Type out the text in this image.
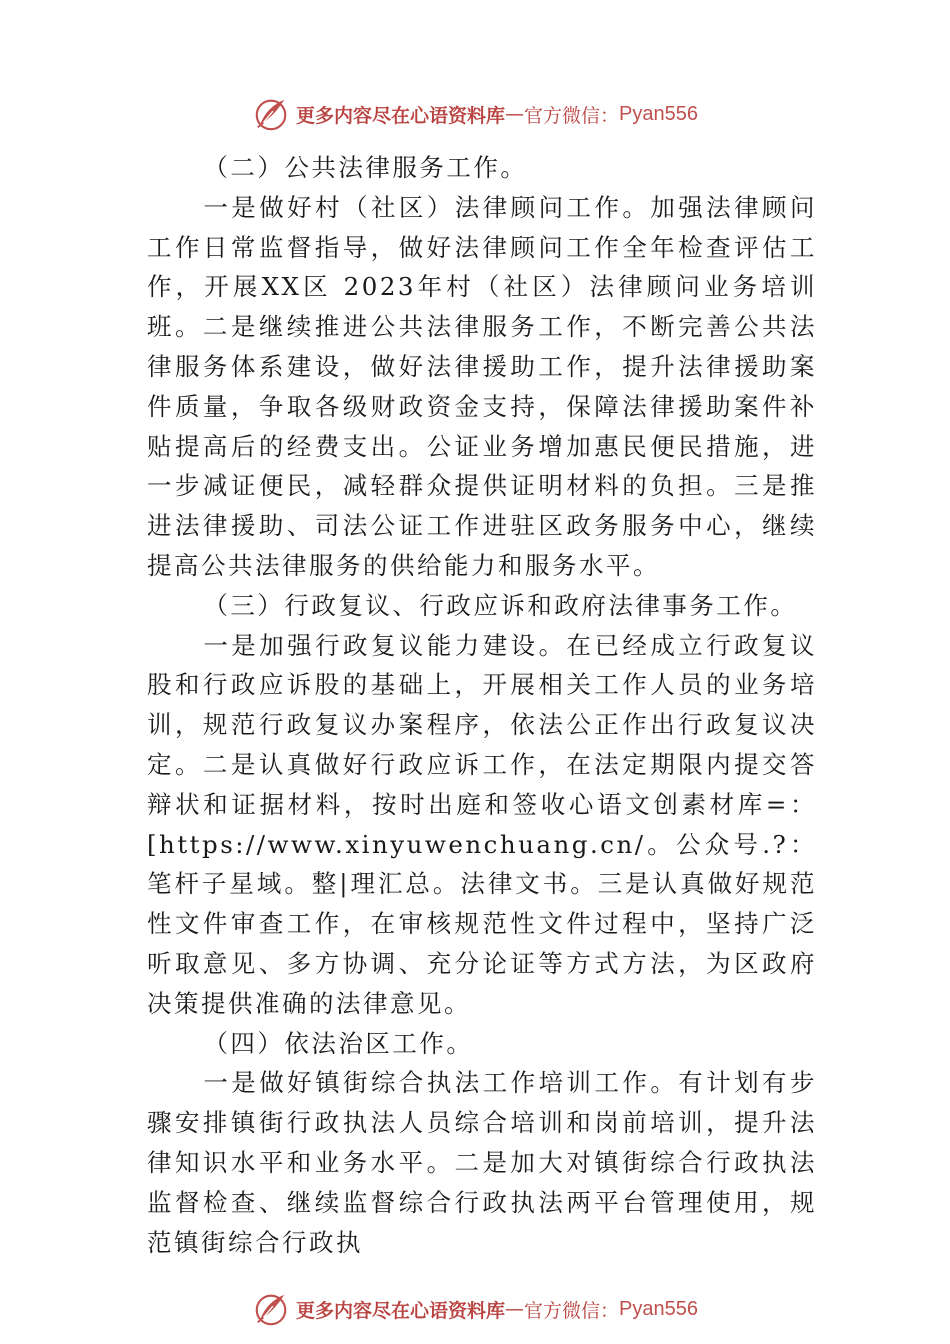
更多内容尽在心语资料库 — 官方微信： Pyan556

（二）公共法律服务工作。

一是做好村（社区）法律顾问工作。加强法律顾问工作日常监督指导，做好法律顾问工作全年检查评估工作，开展XX区 2023年村（社区）法律顾问业务培训班。二是继续推进公共法律服务工作，不断完善公共法律服务体系建设，做好法律援助工作，提升法律援助案件质量，争取各级财政资金支持，保障法律援助案件补贴提高后的经费支出。公证业务增加惠民便民措施，进一步减证便民，减轻群众提供证明材料的负担。三是推进法律援助、司法公证工作进驻区政务服务中心，继续提高公共法律服务的供给能力和服务水平。

（三）行政复议、行政应诉和政府法律事务工作。

一是加强行政复议能力建设。在已经成立行政复议股和行政应诉股的基础上，开展相关工作人员的业务培训，规范行政复议办案程序，依法公正作出行政复议决定。二是认真做好行政应诉工作，在法定期限内提交答辩状和证据材料，按时出庭和签收心语文创素材库=：[https://www.xinyuwenchuang.cn/。公众号.?：笔杆子星域。整|理汇总。法律文书。三是认真做好规范性文件审查工作，在审核规范性文件过程中，坚持广泛听取意见、多方协调、充分论证等方式方法，为区政府决策提供准确的法律意见。

（四）依法治区工作。

一是做好镇街综合执法工作培训工作。有计划有步骤安排镇街行政执法人员综合培训和岗前培训，提升法律知识水平和业务水平。二是加大对镇街综合行政执法监督检查、继续监督综合行政执法两平台管理使用，规范镇街综合行政执

更多内容尽在心语资料库 — 官方微信： Pyan556
